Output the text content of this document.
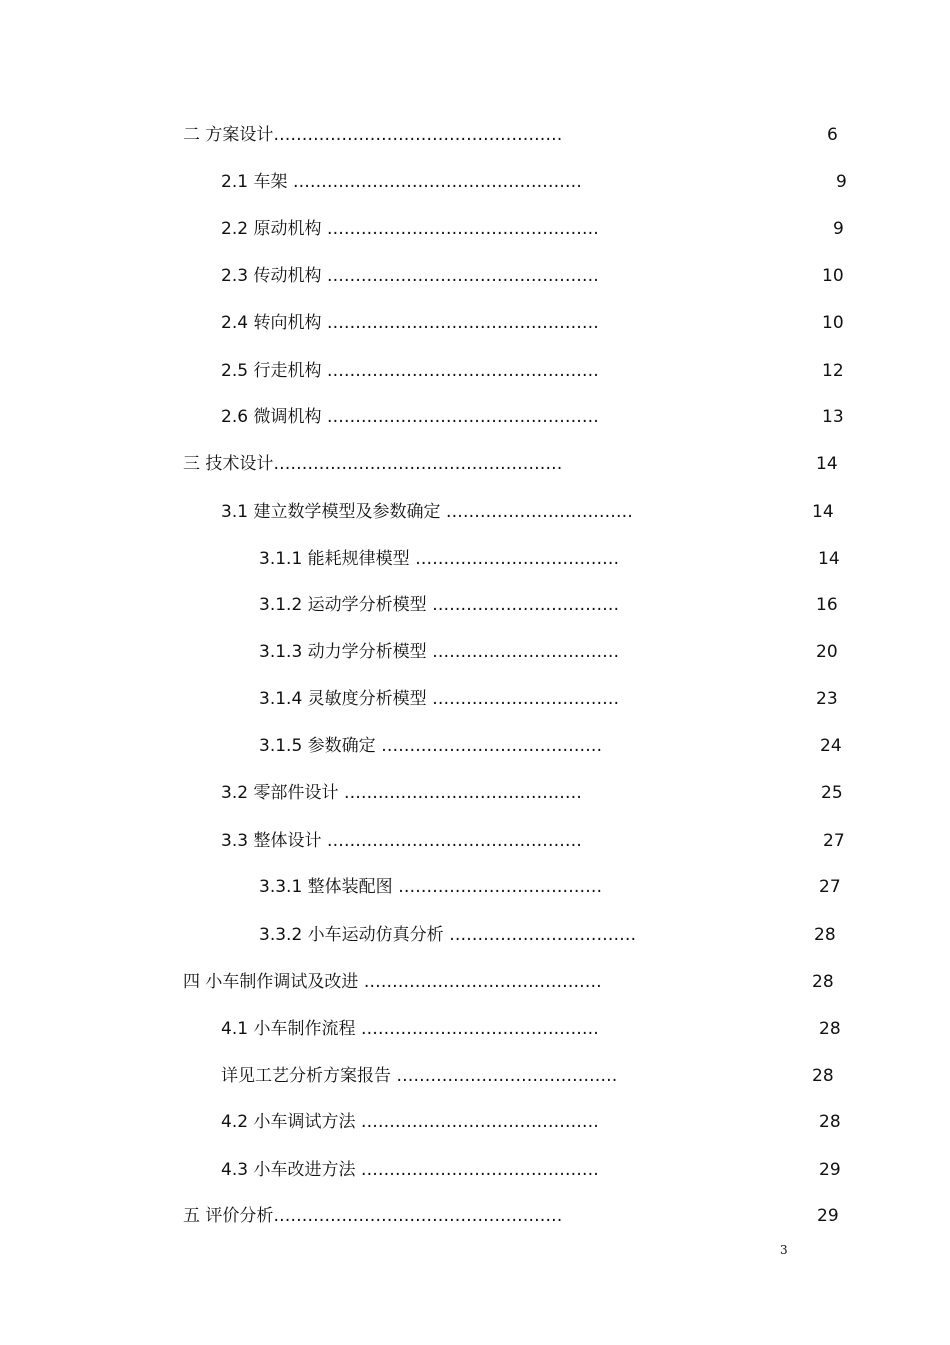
二 方案设计……………………………………………	6
2.1 车架 ……………………………………………	9
2.2 原动机构 …………………………………………	9
2.3 传动机构 …………………………………………	10
2.4 转向机构 …………………………………………	10
2.5 行走机构 …………………………………………	12
2.6 微调机构 …………………………………………	13
三 技术设计……………………………………………	14
3.1 建立数学模型及参数确定 ……………………………	14
3.1.1 能耗规律模型 ………………………………	14
3.1.2 运动学分析模型 ……………………………	16
3.1.3 动力学分析模型 ……………………………	20
3.1.4 灵敏度分析模型 ……………………………	23
3.1.5 参数确定 …………………………………	24
3.2 零部件设计 ……………………………………	25
3.3 整体设计 ………………………………………	27
3.3.1 整体装配图 ………………………………	27
3.3.2 小车运动仿真分析 ……………………………	28
四 小车制作调试及改进 ……………………………………	28
4.1 小车制作流程 ……………………………………	28
详见工艺分析方案报告 …………………………………	28
4.2 小车调试方法 ……………………………………	28
4.3 小车改进方法 ……………………………………	29
五 评价分析……………………………………………	29
3
